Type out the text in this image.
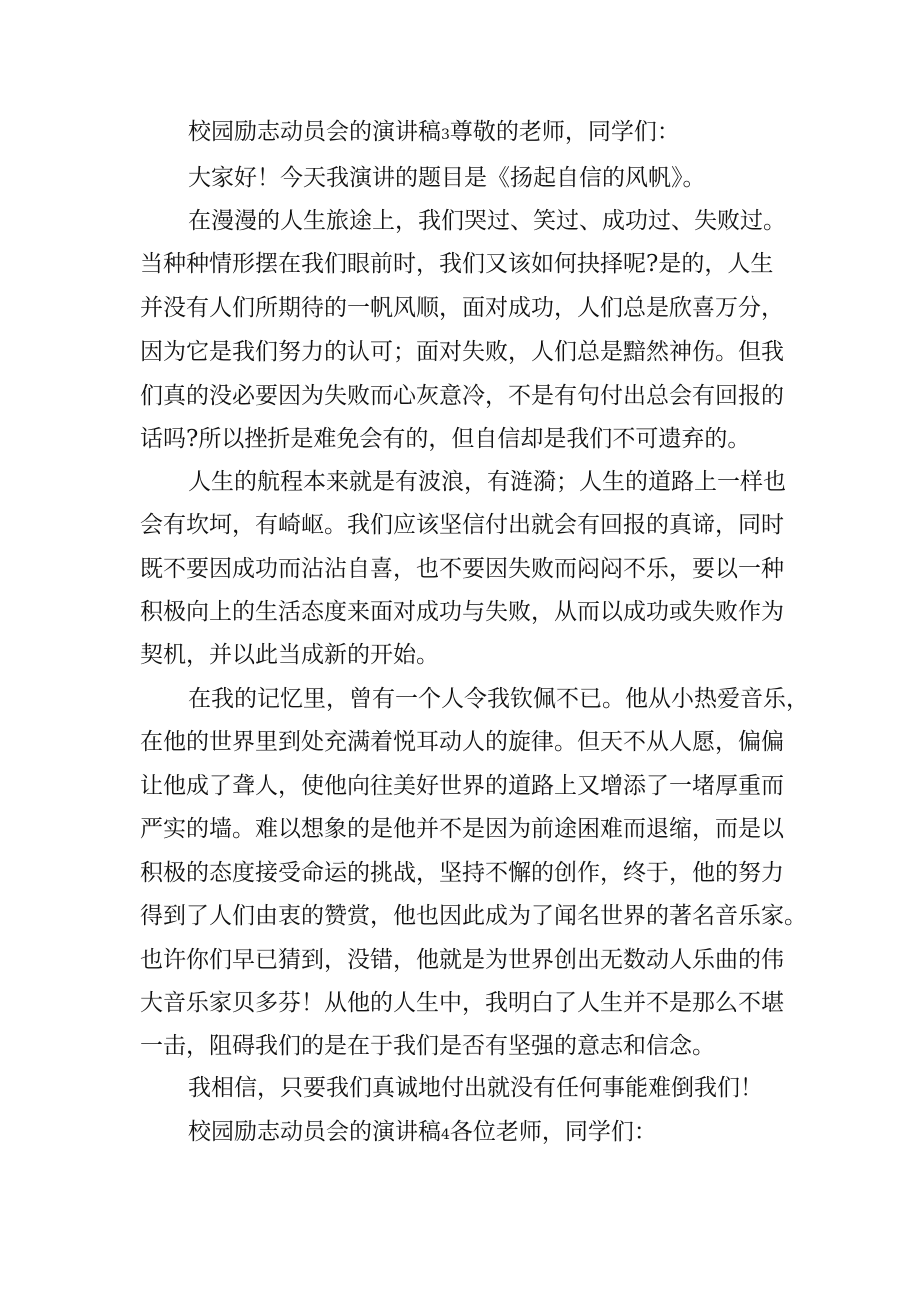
校园励志动员会的演讲稿3尊敬的老师，同学们：
大家好！今天我演讲的题目是《扬起自信的风帆》。
在漫漫的人生旅途上，我们哭过、笑过、成功过、失败过。
当种种情形摆在我们眼前时，我们又该如何抉择呢?是的，人生
并没有人们所期待的一帆风顺，面对成功，人们总是欣喜万分，
因为它是我们努力的认可；面对失败，人们总是黯然神伤。但我
们真的没必要因为失败而心灰意冷，不是有句付出总会有回报的
话吗?所以挫折是难免会有的，但自信却是我们不可遗弃的。
人生的航程本来就是有波浪，有涟漪；人生的道路上一样也
会有坎坷，有崎岖。我们应该坚信付出就会有回报的真谛，同时
既不要因成功而沾沾自喜，也不要因失败而闷闷不乐，要以一种
积极向上的生活态度来面对成功与失败，从而以成功或失败作为
契机，并以此当成新的开始。
在我的记忆里，曾有一个人令我钦佩不已。他从小热爱音乐，
在他的世界里到处充满着悦耳动人的旋律。但天不从人愿，偏偏
让他成了聋人，使他向往美好世界的道路上又增添了一堵厚重而
严实的墙。难以想象的是他并不是因为前途困难而退缩，而是以
积极的态度接受命运的挑战，坚持不懈的创作，终于，他的努力
得到了人们由衷的赞赏，他也因此成为了闻名世界的著名音乐家。
也许你们早已猜到，没错，他就是为世界创出无数动人乐曲的伟
大音乐家贝多芬！从他的人生中，我明白了人生并不是那么不堪
一击，阻碍我们的是在于我们是否有坚强的意志和信念。
我相信，只要我们真诚地付出就没有任何事能难倒我们！
校园励志动员会的演讲稿4各位老师，同学们：
